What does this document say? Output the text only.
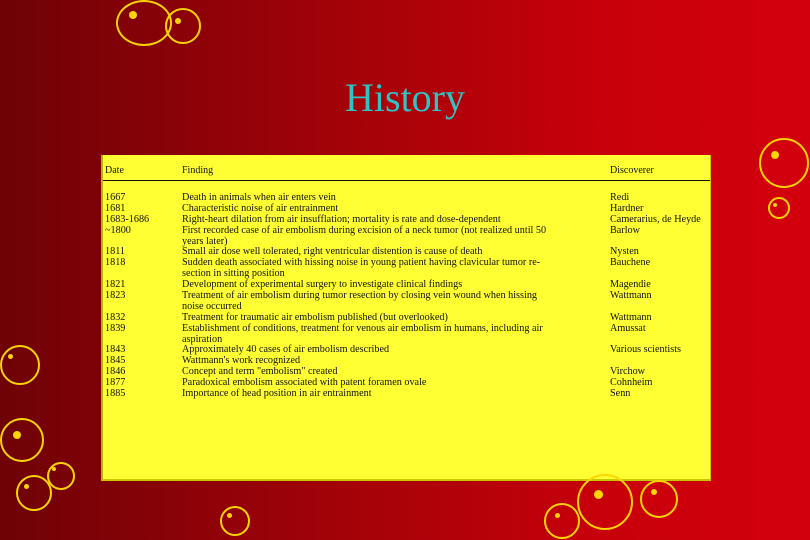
History
Date	Finding	Discoverer
1667	Death in animals when air enters vein	Redi
1681	Characteristic noise of air entrainment	Hardner
1683-1686	Right-heart dilation from air insufflation; mortality is rate and dose-dependent	Camerarius, de Heyde
~1800	First recorded case of air embolism during excision of a neck tumor (not realized until 50	Barlow
years later)
1811	Small air dose well tolerated, right ventricular distention is cause of death	Nysten
1818	Sudden death associated with hissing noise in young patient having clavicular tumor re-	Bauchene
section in sitting position
1821	Development of experimental surgery to investigate clinical findings	Magendie
1823	Treatment of air embolism during tumor resection by closing vein wound when hissing	Wattmann
noise occurred
1832	Treatment for traumatic air embolism published (but overlooked)	Wattmann
1839	Establishment of conditions, treatment for venous air embolism in humans, including air	Amussat
aspiration
1843	Approximately 40 cases of air embolism described	Various scientists
1845	Wattmann's work recognized
1846	Concept and term "embolism" created	Virchow
1877	Paradoxical embolism associated with patent foramen ovale	Cohnheim
1885	Importance of head position in air entrainment	Senn
